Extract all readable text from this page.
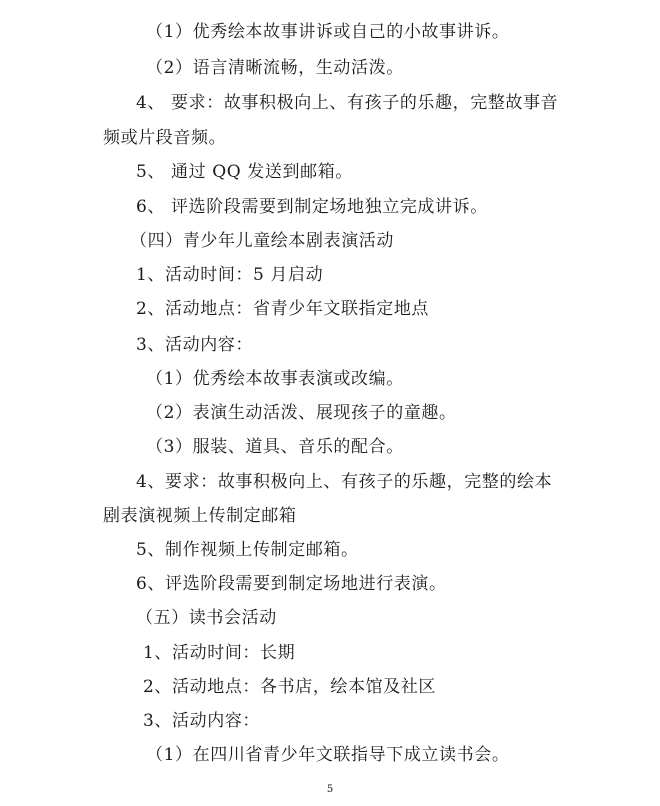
（1）优秀绘本故事讲诉或自己的小故事讲诉。
（2）语言清晰流畅，生动活泼。
4、 要求：故事积极向上、有孩子的乐趣，完整故事音
频或片段音频。
5、 通过 QQ 发送到邮箱。
6、 评选阶段需要到制定场地独立完成讲诉。
（四）青少年儿童绘本剧表演活动
1、活动时间：5 月启动
2、活动地点：省青少年文联指定地点
3、活动内容：
（1）优秀绘本故事表演或改编。
（2）表演生动活泼、展现孩子的童趣。
（3）服装、道具、音乐的配合。
4、要求：故事积极向上、有孩子的乐趣，完整的绘本
剧表演视频上传制定邮箱
5、制作视频上传制定邮箱。
6、评选阶段需要到制定场地进行表演。
（五）读书会活动
1、活动时间：长期
2、活动地点：各书店，绘本馆及社区
3、活动内容：
（1）在四川省青少年文联指导下成立读书会。
5
